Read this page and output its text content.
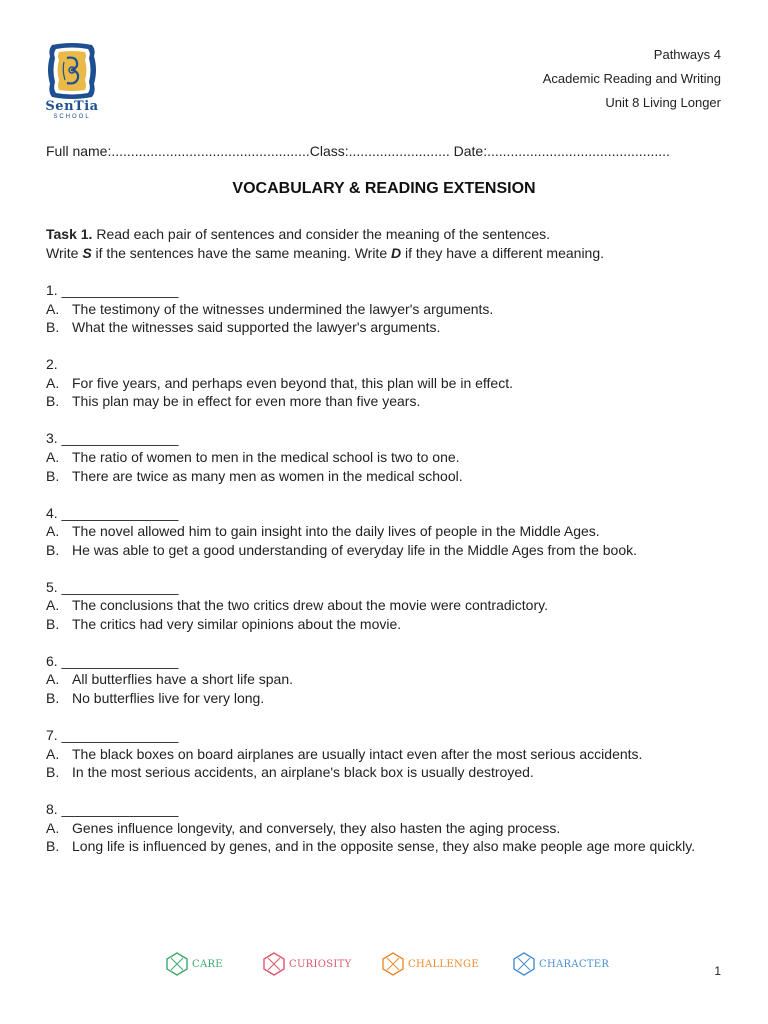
SenTia
SCHOOL
Pathways 4
Academic Reading and Writing
Unit 8 Living Longer
Full name:...................................................Class:.......................... Date:...............................................
VOCABULARY & READING EXTENSION
Task 1. Read each pair of sentences and consider the meaning of the sentences.
Write S if the sentences have the same meaning. Write D if they have a different meaning.
1. _______________
A. The testimony of the witnesses undermined the lawyer's arguments.
B. What the witnesses said supported the lawyer's arguments.
2.
A. For five years, and perhaps even beyond that, this plan will be in effect.
B. This plan may be in effect for even more than five years.
3. _______________
A. The ratio of women to men in the medical school is two to one.
B. There are twice as many men as women in the medical school.
4. _______________
A. The novel allowed him to gain insight into the daily lives of people in the Middle Ages.
B. He was able to get a good understanding of everyday life in the Middle Ages from the book.
5. _______________
A. The conclusions that the two critics drew about the movie were contradictory.
B. The critics had very similar opinions about the movie.
6. _______________
A. All butterflies have a short life span.
B. No butterflies live for very long.
7. _______________
A. The black boxes on board airplanes are usually intact even after the most serious accidents.
B. In the most serious accidents, an airplane's black box is usually destroyed.
8. _______________
A. Genes influence longevity, and conversely, they also hasten the aging process.
B. Long life is influenced by genes, and in the opposite sense, they also make people age more quickly.
CARE	CURIOSITY	CHALLENGE	CHARACTER	1
